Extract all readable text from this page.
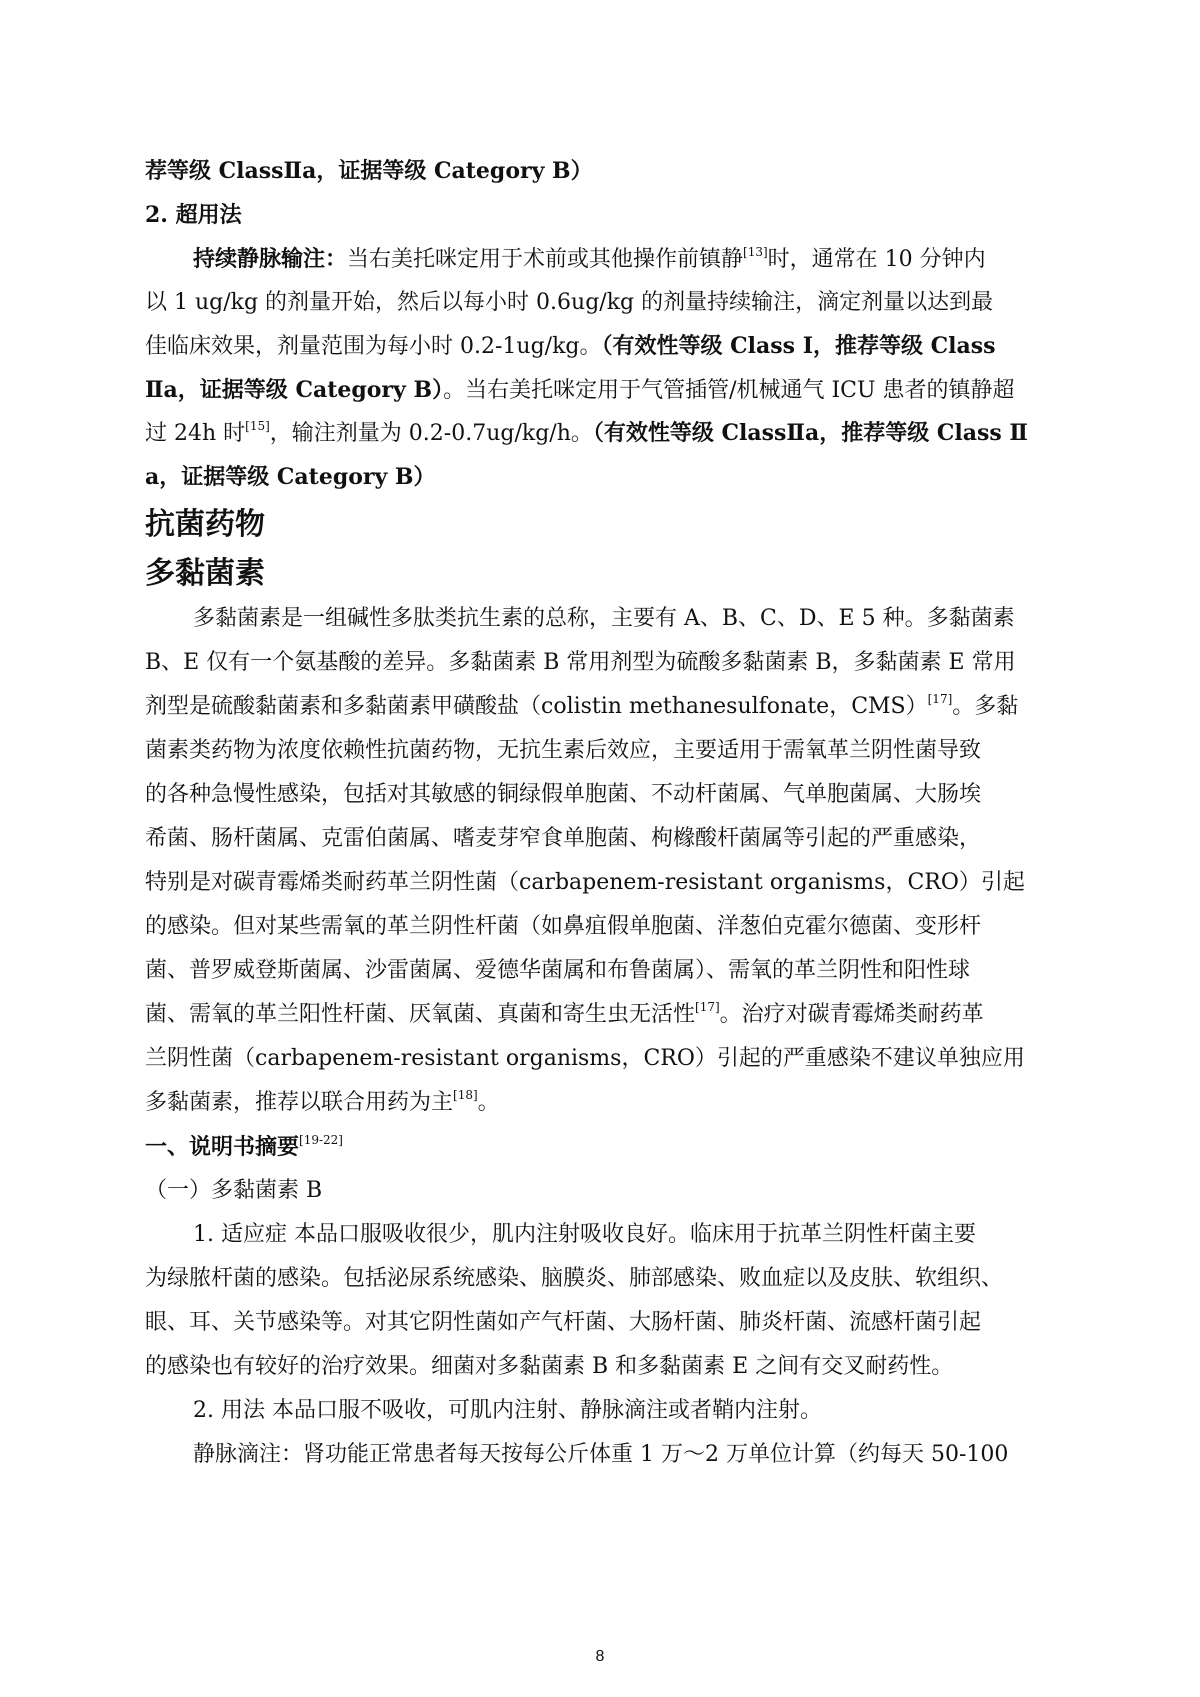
荐等级 ClassⅡa，证据等级 Category B）
2. 超用法
持续静脉输注：当右美托咪定用于术前或其他操作前镇静[13]时，通常在 10 分钟内
以 1 ug/kg 的剂量开始，然后以每小时 0.6ug/kg 的剂量持续输注，滴定剂量以达到最
佳临床效果，剂量范围为每小时 0.2-1ug/kg。（有效性等级 Class Ⅰ，推荐等级 Class
Ⅱa，证据等级 Category B）。当右美托咪定用于气管插管/机械通气 ICU 患者的镇静超
过 24h 时[15]，输注剂量为 0.2-0.7ug/kg/h。（有效性等级 ClassⅡa，推荐等级 Class Ⅱ
a，证据等级 Category B）
抗菌药物
多黏菌素
多黏菌素是一组碱性多肽类抗生素的总称，主要有 A、B、C、D、E 5 种。多黏菌素
B、E 仅有一个氨基酸的差异。多黏菌素 B 常用剂型为硫酸多黏菌素 B，多黏菌素 E 常用
剂型是硫酸黏菌素和多黏菌素甲磺酸盐（colistin methanesulfonate，CMS）[17]。多黏
菌素类药物为浓度依赖性抗菌药物，无抗生素后效应，主要适用于需氧革兰阴性菌导致
的各种急慢性感染，包括对其敏感的铜绿假单胞菌、不动杆菌属、气单胞菌属、大肠埃
希菌、肠杆菌属、克雷伯菌属、嗜麦芽窄食单胞菌、枸橼酸杆菌属等引起的严重感染，
特别是对碳青霉烯类耐药革兰阴性菌（carbapenem-resistant organisms，CRO）引起
的感染。但对某些需氧的革兰阴性杆菌（如鼻疽假单胞菌、洋葱伯克霍尔德菌、变形杆
菌、普罗威登斯菌属、沙雷菌属、爱德华菌属和布鲁菌属）、需氧的革兰阴性和阳性球
菌、需氧的革兰阳性杆菌、厌氧菌、真菌和寄生虫无活性[17]。治疗对碳青霉烯类耐药革
兰阴性菌（carbapenem-resistant organisms，CRO）引起的严重感染不建议单独应用
多黏菌素，推荐以联合用药为主[18]。
一、说明书摘要[19-22]
（一）多黏菌素 B
1. 适应症 本品口服吸收很少，肌内注射吸收良好。临床用于抗革兰阴性杆菌主要
为绿脓杆菌的感染。包括泌尿系统感染、脑膜炎、肺部感染、败血症以及皮肤、软组织、
眼、耳、关节感染等。对其它阴性菌如产气杆菌、大肠杆菌、肺炎杆菌、流感杆菌引起
的感染也有较好的治疗效果。细菌对多黏菌素 B 和多黏菌素 E 之间有交叉耐药性。
2. 用法 本品口服不吸收，可肌内注射、静脉滴注或者鞘内注射。
静脉滴注：肾功能正常患者每天按每公斤体重 1 万～2 万单位计算（约每天 50-100
8
